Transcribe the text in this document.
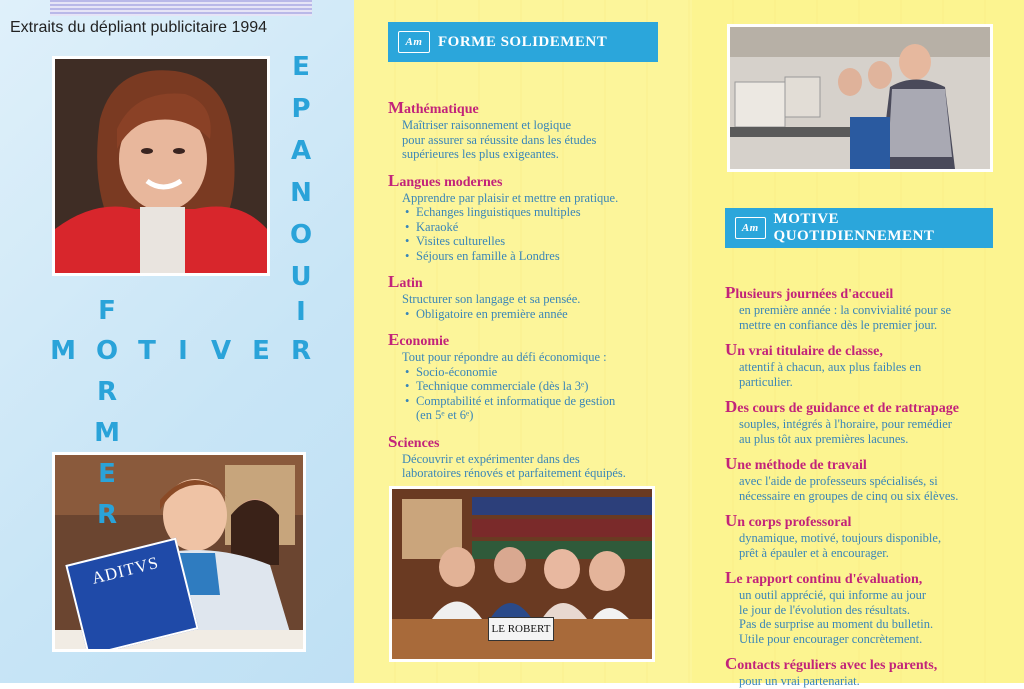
Extraits du dépliant publicitaire 1994
ADITVS
E
P
A
N
O
U
I
R
M O T I V E
F
R
M
E
R
Am	FORME SOLIDEMENT
Mathématique
Maîtriser raisonnement et logique
pour assurer sa réussite dans les études
supérieures les plus exigeantes.
Langues modernes
Apprendre par plaisir et mettre en pratique.
• Echanges linguistiques multiples
• Karaoké
• Visites culturelles
• Séjours en famille à Londres
Latin
Structurer son langage et sa pensée.
• Obligatoire en première année
Economie
Tout pour répondre au défi économique :
• Socio-économie
• Technique commerciale (dès la 3ᵉ)
• Comptabilité et informatique de gestion
(en 5ᵉ et 6ᵉ)
Sciences
Découvrir et expérimenter dans des
laboratoires rénovés et parfaitement équipés.
LE ROBERT
Am
MOTIVE QUOTIDIENNEMENT
Plusieurs journées d'accueil
en première année : la convivialité pour se
mettre en confiance dès le premier jour.
Un vrai titulaire de classe,
attentif à chacun, aux plus faibles en
particulier.
Des cours de guidance et de rattrapage
souples, intégrés à l'horaire, pour remédier
au plus tôt aux premières lacunes.
Une méthode de travail
avec l'aide de professeurs spécialisés, si
nécessaire en groupes de cinq ou six élèves.
Un corps professoral
dynamique, motivé, toujours disponible,
prêt à épauler et à encourager.
Le rapport continu d'évaluation,
un outil apprécié, qui informe au jour
le jour de l'évolution des résultats.
Pas de surprise au moment du bulletin.
Utile pour encourager concrètement.
Contacts réguliers avec les parents,
pour un vrai partenariat.
